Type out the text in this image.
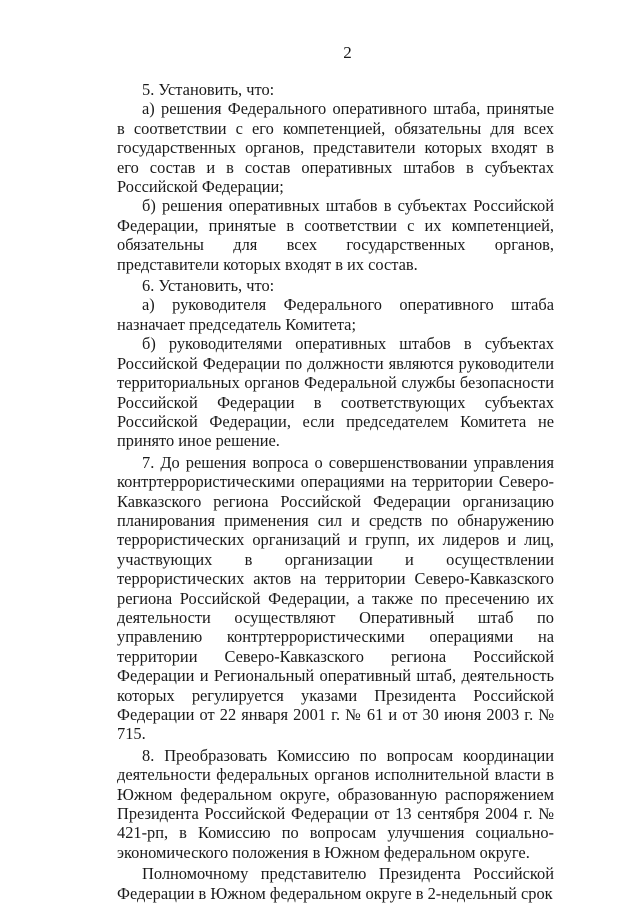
2

5. Установить, что:

а) решения Федерального оперативного штаба, принятые в соответствии с его компетенцией, обязательны для всех государственных органов, представители которых входят в его состав и в состав оперативных штабов в субъектах Российской Федерации;

б) решения оперативных штабов в субъектах Российской Федерации, принятые в соответствии с их компетенцией, обязательны для всех государственных органов, представители которых входят в их состав.

6. Установить, что:

а) руководителя Федерального оперативного штаба назначает председатель Комитета;

б) руководителями оперативных штабов в субъектах Российской Федерации по должности являются руководители территориальных органов Федеральной службы безопасности Российской Федерации в соответствующих субъектах Российской Федерации, если председателем Комитета не принято иное решение.

7. До решения вопроса о совершенствовании управления контртеррористическими операциями на территории Северо-Кавказского региона Российской Федерации организацию планирования применения сил и средств по обнаружению террористических организаций и групп, их лидеров и лиц, участвующих в организации и осуществлении террористических актов на территории Северо-Кавказского региона Российской Федерации, а также по пресечению их деятельности осуществляют Оперативный штаб по управлению контртеррористическими операциями на территории Северо-Кавказского региона Российской Федерации и Региональный оперативный штаб, деятельность которых регулируется указами Президента Российской Федерации от 22 января 2001 г. № 61 и от 30 июня 2003 г. № 715.

8. Преобразовать Комиссию по вопросам координации деятельности федеральных органов исполнительной власти в Южном федеральном округе, образованную распоряжением Президента Российской Федерации от 13 сентября 2004 г. № 421-рп, в Комиссию по вопросам улучшения социально-экономического положения в Южном федеральном округе.

Полномочному представителю Президента Российской Федерации в Южном федеральном округе в 2-недельный срок
